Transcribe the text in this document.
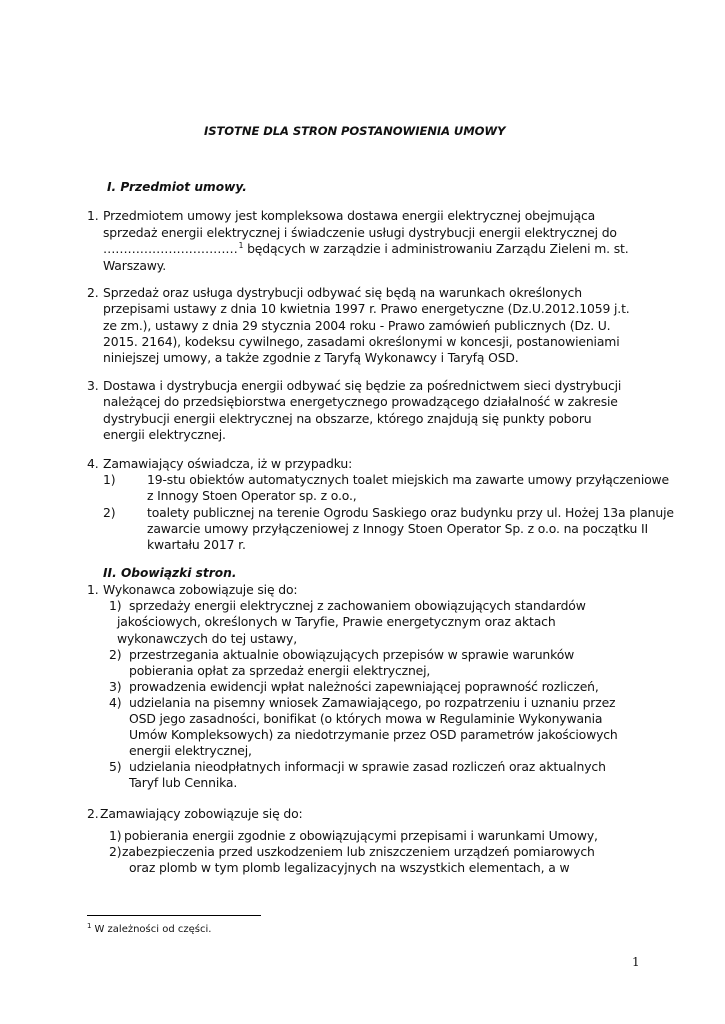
ISTOTNE DLA STRON POSTANOWIENIA UMOWY
I. Przedmiot umowy.
1. Przedmiotem umowy jest kompleksowa dostawa energii elektrycznej obejmująca
sprzedaż energii elektrycznej i świadczenie usługi dystrybucji energii elektrycznej do
……………………………$^1$ będących w zarządzie i administrowaniu Zarządu Zieleni m. st.
Warszawy.
2. Sprzedaż oraz usługa dystrybucji odbywać się będą na warunkach określonych
przepisami ustawy z dnia 10 kwietnia 1997 r. Prawo energetyczne (Dz.U.2012.1059 j.t.
ze zm.), ustawy z dnia 29 stycznia 2004 roku - Prawo zamówień publicznych (Dz. U.
2015. 2164), kodeksu cywilnego, zasadami określonymi w koncesji, postanowieniami
niniejszej umowy, a także zgodnie z Taryfą Wykonawcy i Taryfą OSD.
3. Dostawa i dystrybucja energii odbywać się będzie za pośrednictwem sieci dystrybucji
należącej do przedsiębiorstwa energetycznego prowadzącego działalność w zakresie
dystrybucji energii elektrycznej na obszarze, którego znajdują się punkty poboru
energii elektrycznej.
4. Zamawiający oświadcza, iż w przypadku:
1)	19-stu obiektów automatycznych toalet miejskich ma zawarte umowy przyłączeniowe
z Innogy Stoen Operator sp. z o.o.,
2)	toalety publicznej na terenie Ogrodu Saskiego oraz budynku przy ul. Hożej 13a planuje
zawarcie umowy przyłączeniowej z Innogy Stoen Operator Sp. z o.o. na początku II
kwartału 2017 r.
II. Obowiązki stron.
1. Wykonawca zobowiązuje się do:
1) sprzedaży energii elektrycznej z zachowaniem obowiązujących standardów
jakościowych, określonych w Taryfie, Prawie energetycznym oraz aktach
wykonawczych do tej ustawy,
2) przestrzegania aktualnie obowiązujących przepisów w sprawie warunków
pobierania opłat za sprzedaż energii elektrycznej,
3) prowadzenia ewidencji wpłat należności zapewniającej poprawność rozliczeń,
4) udzielania na pisemny wniosek Zamawiającego, po rozpatrzeniu i uznaniu przez
OSD jego zasadności, bonifikat (o których mowa w Regulaminie Wykonywania
Umów Kompleksowych) za niedotrzymanie przez OSD parametrów jakościowych
energii elektrycznej,
5) udzielania nieodpłatnych informacji w sprawie zasad rozliczeń oraz aktualnych
Taryf lub Cennika.
2. Zamawiający zobowiązuje się do:
1) pobierania energii zgodnie z obowiązującymi przepisami i warunkami Umowy,
2) zabezpieczenia przed uszkodzeniem lub zniszczeniem urządzeń pomiarowych
oraz plomb w tym plomb legalizacyjnych na wszystkich elementach, a w
$^1$ W zależności od części.
1
